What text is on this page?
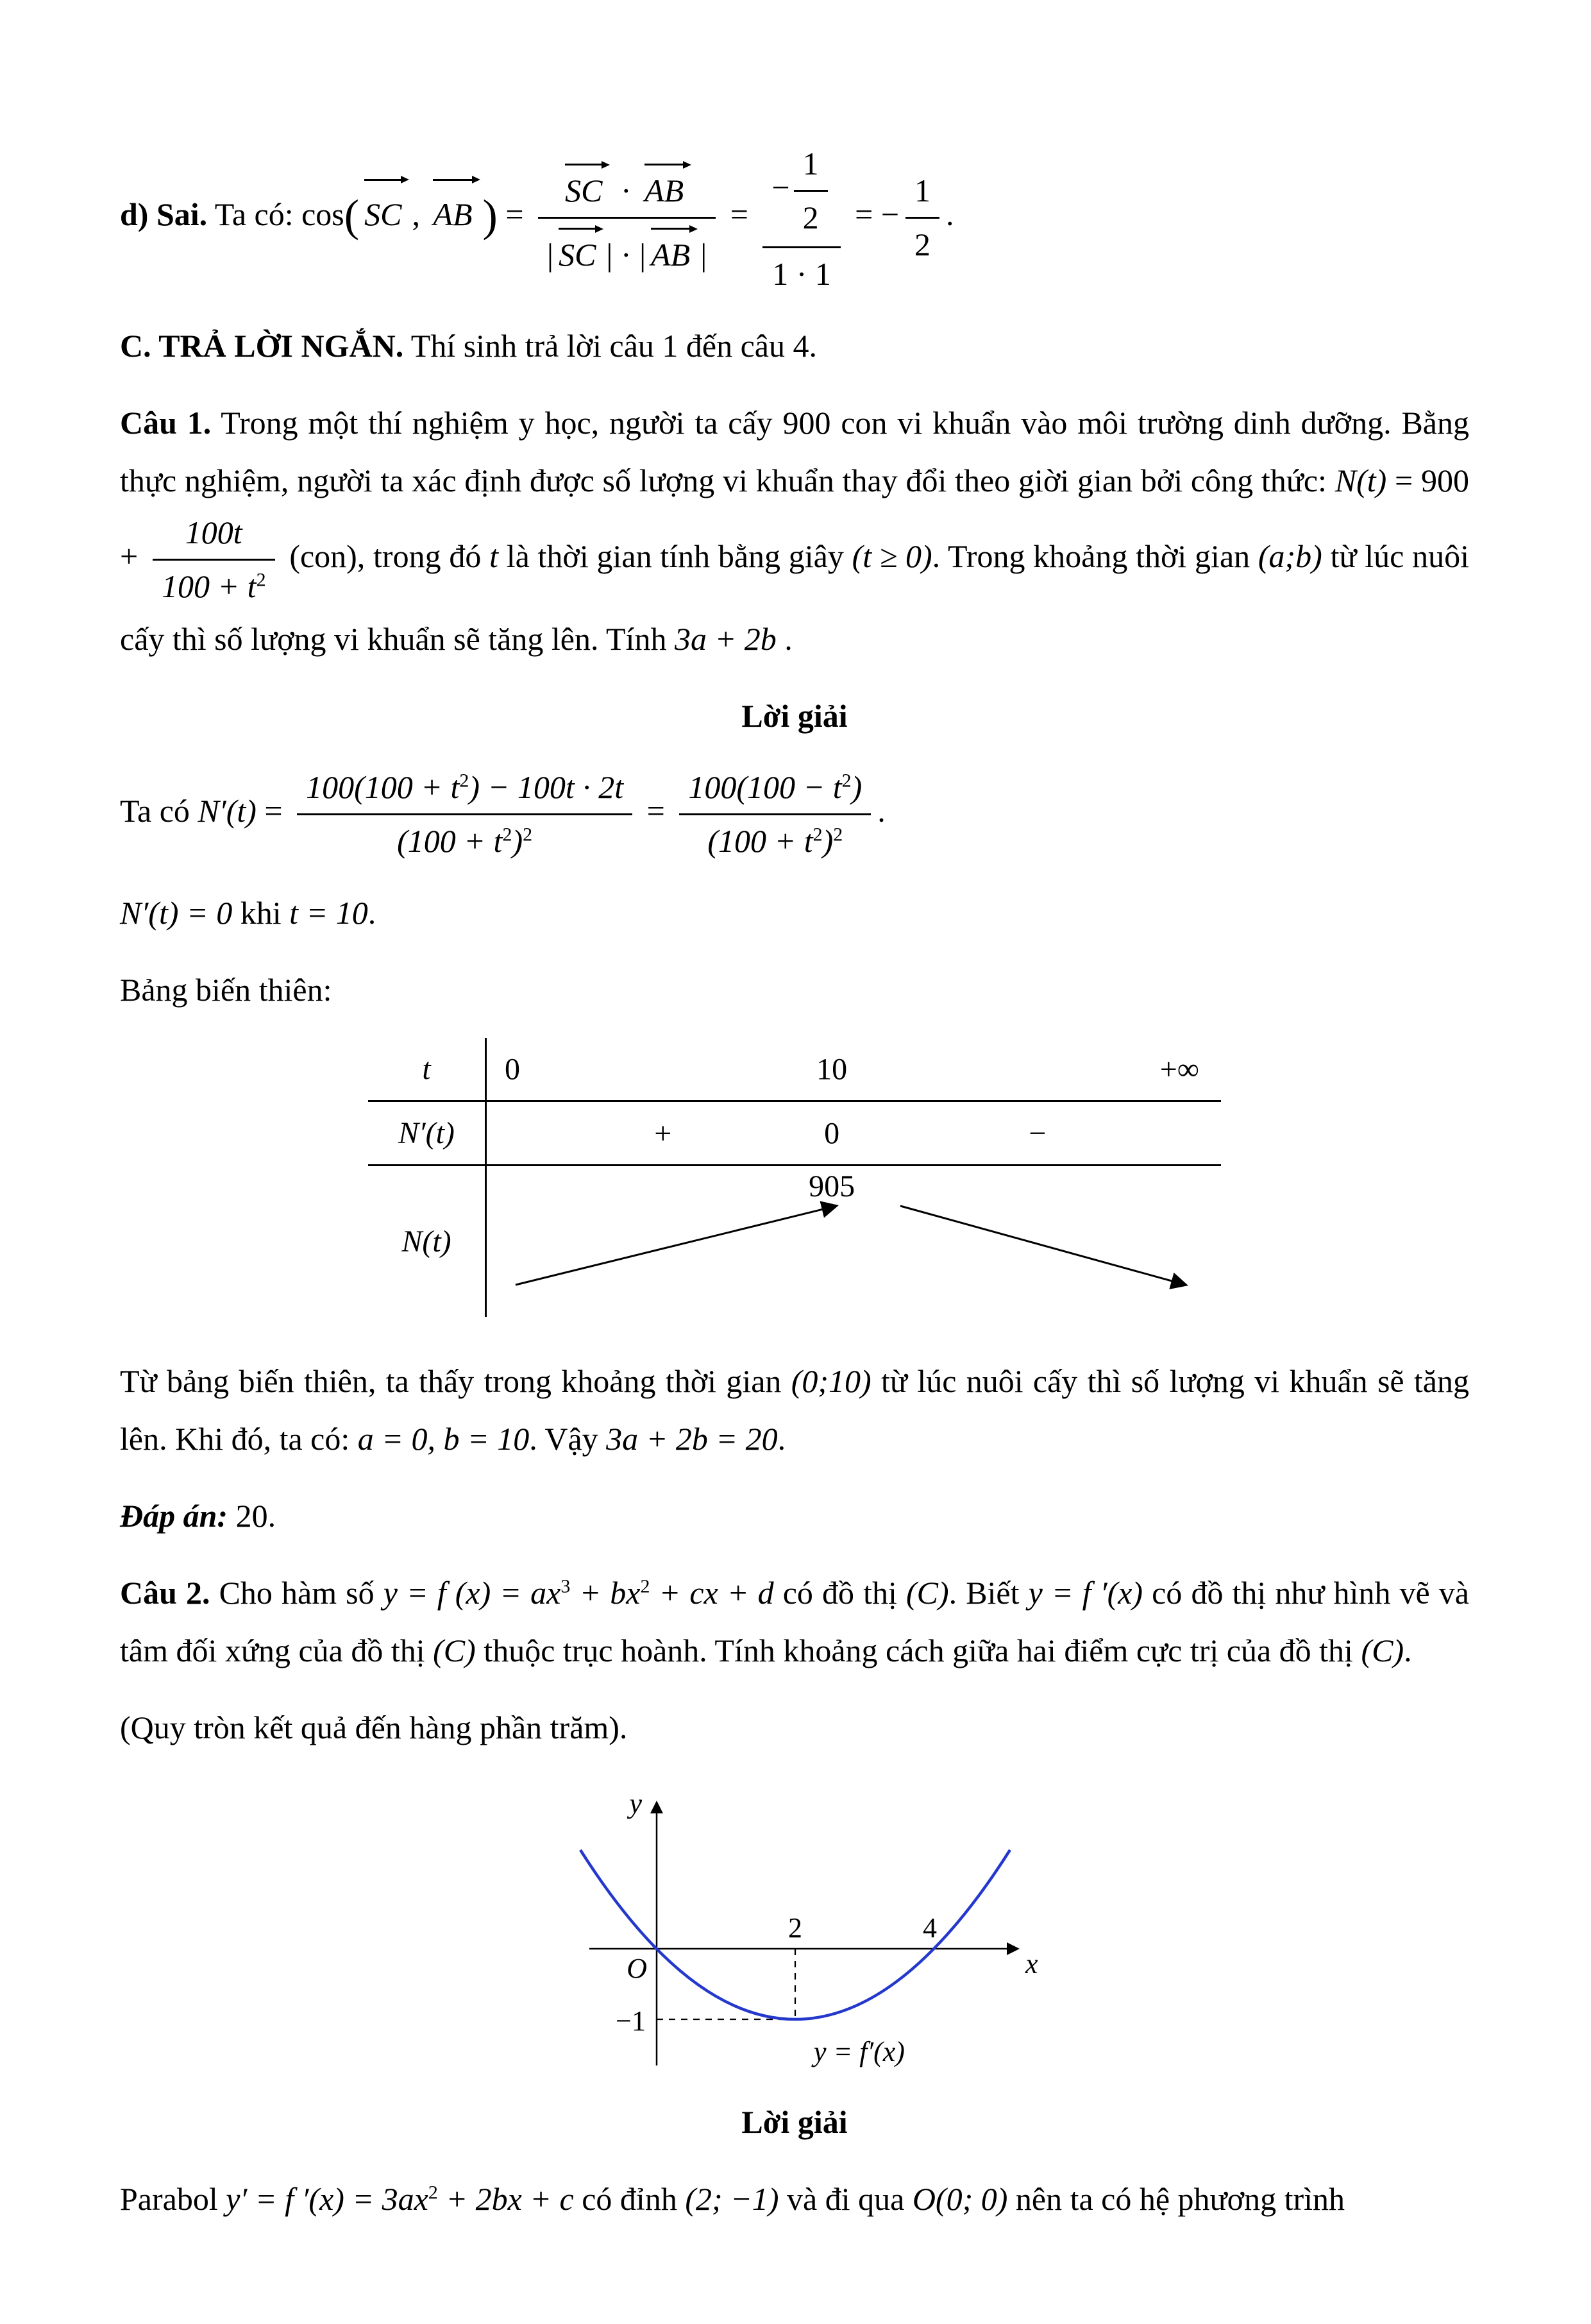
d) Sai. Ta có: cos( SC , AB ) = $\frac{SC \cdot AB}{| SC | \cdot | AB |} = \frac{- \frac{1}{2}}{1 \cdot 1}$ = − $\frac{1}{2}$ .

C. TRẢ LỜI NGẮN. Thí sinh trả lời câu 1 đến câu 4.

Câu 1. Trong một thí nghiệm y học, người ta cấy 900 con vi khuẩn vào môi trường dinh dưỡng. Bằng thực nghiệm, người ta xác định được số lượng vi khuẩn thay đổi theo giời gian bởi công thức: $N(t) = 900 + \frac{100t}{100 + t^2} (con)$, trong đó t là thời gian tính bằng giây (t ≥ 0). Trong khoảng thời gian (a;b) từ lúc nuôi cấy thì số lượng vi khuẩn sẽ tăng lên. Tính 3a + 2b .

Lời giải

Ta có $N'(t) = \frac{100(100 + t^2) - 100t \cdot 2t}{(100 + t^2)^2} = \frac{100(100 - t^2)}{(100 + t^2)^2}$ .

N′(t) = 0 khi t = 10.

Bảng biến thiên:

t 0	10	+∞
N′(t)	+	0	−
N(t)
905

Từ bảng biến thiên, ta thấy trong khoảng thời gian (0;10) từ lúc nuôi cấy thì số lượng vi khuẩn sẽ tăng lên. Khi đó, ta có: a = 0, b = 10. Vậy 3a + 2b = 20.

Đáp án: 20.

Câu 2. Cho hàm số y = f $(x) = ax^3 + bx^2$ + cx + d có đồ thị (C). Biết y = f ′(x) có đồ thị như hình vẽ và tâm đối xứng của đồ thị (C) thuộc trục hoành. Tính khoảng cách giữa hai điểm cực trị của đồ thị (C).

(Quy tròn kết quả đến hàng phần trăm).

y
x
O
2	4
−1
y = f′(x)

Lời giải

Parabol y′ = f $'(x) = 3ax^2 + 2bx + c$ có đỉnh (2; −1) và đi qua O(0; 0) nên ta có hệ phương trình
